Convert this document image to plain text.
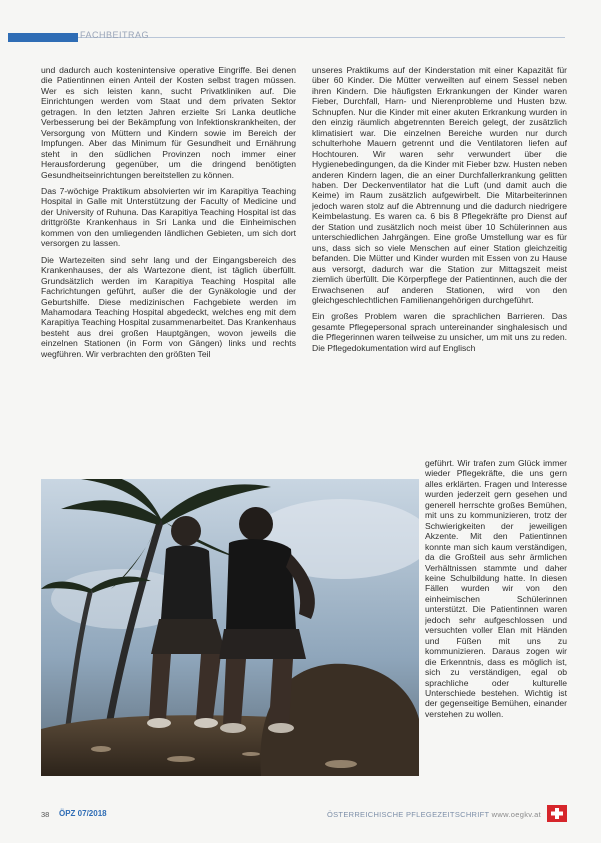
FACHBEITRAG

und dadurch auch kostenintensive operative Eingriffe. Bei denen die Patientinnen einen Anteil der Kosten selbst tragen müssen. Wer es sich leisten kann, sucht Privatkliniken auf. Die Einrichtungen werden vom Staat und dem privaten Sektor getragen. In den letzten Jahren erzielte Sri Lanka deutliche Verbesserung bei der Bekämpfung von Infektionskrankheiten, der Versorgung von Müttern und Kindern sowie im Bereich der Impfungen. Aber das Minimum für Gesundheit und Ernährung steht in den südlichen Provinzen noch immer einer Herausforderung gegenüber, um die dringend benötigten Gesundheitseinrichtungen bereitstellen zu können.

Das 7-wöchige Praktikum absolvierten wir im Karapitiya Teaching Hospital in Galle mit Unterstützung der Faculty of Medicine und der University of Ruhuna. Das Karapitiya Teaching Hospital ist das drittgrößte Krankenhaus in Sri Lanka und die Einheimischen kommen von den umliegenden ländlichen Gebieten, um sich dort versorgen zu lassen.

Die Wartezeiten sind sehr lang und der Eingangsbereich des Krankenhauses, der als Wartezone dient, ist täglich überfüllt. Grundsätzlich werden im Karapitiya Teaching Hospital alle Fachrichtungen geführt, außer die der Gynäkologie und der Geburtshilfe. Diese medizinischen Fachgebiete werden im Mahamodara Teaching Hospital abgedeckt, welches eng mit dem Karapitiya Teaching Hospital zusammenarbeitet. Das Krankenhaus besteht aus drei großen Hauptgängen, wovon jeweils die einzelnen Stationen (in Form von Gängen) links und rechts wegführen. Wir verbrachten den größten Teil

unseres Praktikums auf der Kinderstation mit einer Kapazität für über 60 Kinder. Die Mütter verweilten auf einem Sessel neben ihren Kindern. Die häufigsten Erkrankungen der Kinder waren Fieber, Durchfall, Harn- und Nierenprobleme und Husten bzw. Schnupfen. Nur die Kinder mit einer akuten Erkrankung wurden in den einzig räumlich abgetrennten Bereich gelegt, der zusätzlich klimatisiert war. Die einzelnen Bereiche wurden nur durch schulterhohe Mauern getrennt und die Ventilatoren liefen auf Hochtouren. Wir waren sehr verwundert über die Hygienebedingungen, da die Kinder mit Fieber bzw. Husten neben anderen Kindern lagen, die an einer Durchfallerkrankung gelitten haben. Der Deckenventilator hat die Luft (und damit auch die Keime) im Raum zusätzlich aufgewirbelt. Die Mitarbeiterinnen jedoch waren stolz auf die Abtrennung und die dadurch niedrigere Keimbelastung. Es waren ca. 6 bis 8 Pflegekräfte pro Dienst auf der Station und zusätzlich noch meist über 10 Schülerinnen aus unterschiedlichen Jahrgängen. Eine große Umstellung war es für uns, dass sich so viele Menschen auf einer Station gleichzeitig befanden. Die Mütter und Kinder wurden mit Essen von zu Hause aus versorgt, dadurch war die Station zur Mittagszeit meist ziemlich überfüllt. Die Körperpflege der Patientinnen, auch die der Erwachsenen auf anderen Stationen, wird von den gleichgeschlechtlichen Familienangehörigen durchgeführt.

Ein großes Problem waren die sprachlichen Barrieren. Das gesamte Pflegepersonal sprach untereinander singhalesisch und die Pflegerinnen waren teilweise zu unsicher, um mit uns zu reden. Die Pflegedokumentation wird auf Englisch

geführt. Wir trafen zum Glück immer wieder Pflegekräfte, die uns gern alles erklärten. Fragen und Interesse wurden jederzeit gern gesehen und generell herrschte großes Bemühen, mit uns zu kommunizieren, trotz der Schwierigkeiten der jeweiligen Akzente. Mit den Patientinnen konnte man sich kaum verständigen, da die Großteil aus sehr ärmlichen Verhältnissen stammte und daher keine Schulbildung hatte. In diesen Fällen wurden wir von den einheimischen Schülerinnen unterstützt. Die Patientinnen waren jedoch sehr aufgeschlossen und versuchten voller Elan mit Händen und Füßen mit uns zu kommunizieren. Daraus zogen wir die Erkenntnis, dass es möglich ist, sich zu verständigen, egal ob sprachliche oder kulturelle Unterschiede bestehen. Wichtig ist der gegenseitige Bemühen, einander verstehen zu wollen.

38 ÖPZ 07/2018	ÖSTERREICHISCHE PFLEGEZEITSCHRIFT www.oegkv.at
